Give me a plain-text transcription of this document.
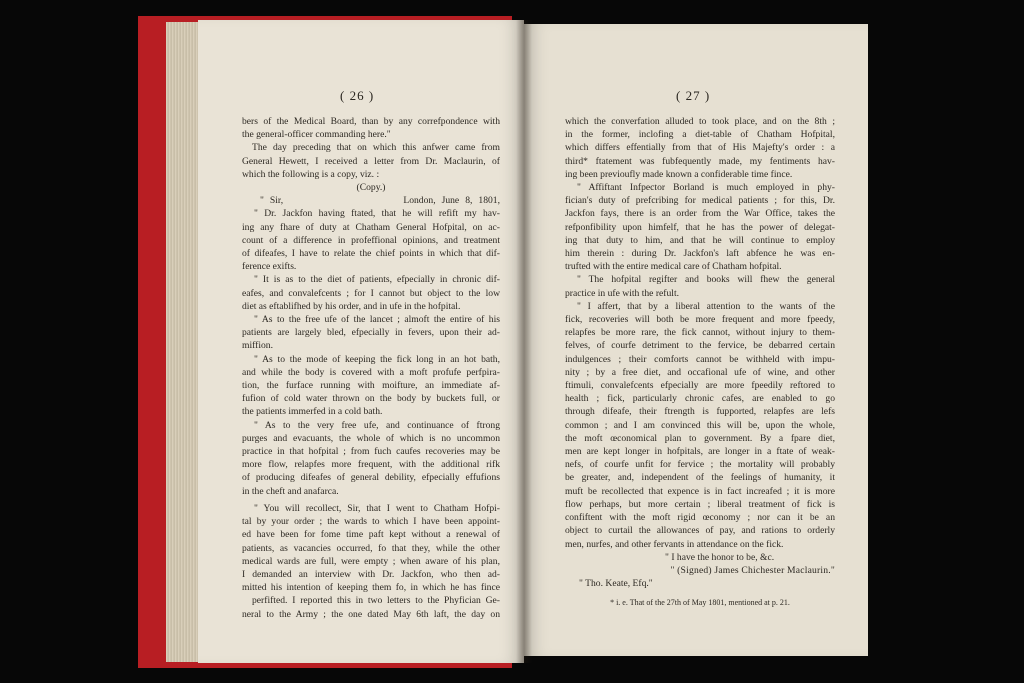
( 26 )	( 27 )
bers of the Medical Board, than by any correfpondence with
the general-officer commanding here."
The day preceding that on which this anfwer came from
General Hewett, I received a letter from Dr. Maclaurin, of
which the following is a copy, viz. :
(Copy.)
" Sir,                    London, June 8, 1801,
" Dr. Jackfon having ftated, that he will refift my hav-
ing any fhare of duty at Chatham General Hofpital, on ac-
count of a difference in profeffional opinions, and treatment
of difeafes, I have to relate the chief points in which that dif-
ference exifts.
" It is as to the diet of patients, efpecially in chronic dif-
eafes, and convalefcents ; for I cannot but object to the low
diet as eftablifhed by his order, and in ufe in the hofpital.
" As to the free ufe of the lancet ; almoft the entire of his
patients are largely bled, efpecially in fevers, upon their ad-
miffion.
" As to the mode of keeping the fick long in an hot bath,
and while the body is covered with a moft profufe perfpira-
tion, the furface running with moifture, an immediate af-
fufion of cold water thrown on the body by buckets full, or
the patients immerfed in a cold bath.
" As to the very free ufe, and continuance of ftrong
purges and evacuants, the whole of which is no uncommon
practice in that hofpital ; from fuch caufes recoveries may be
more flow, relapfes more frequent, with the additional rifk
of producing difeafes of general debility, efpecially effufions
in the cheft and anafarca.
" You will recollect, Sir, that I went to Chatham Hofpi-
tal by your order ; the wards to which I have been appoint-
ed have been for fome time paft kept without a renewal of
patients, as vacancies occurred, fo that they, while the other
medical wards are full, were empty ; when aware of his plan,
I demanded an interview with Dr. Jackfon, who then ad-
mitted his intention of keeping them fo, in which he has fince
perfifted. I reported this in two letters to the Phyfician Ge-
neral to the Army ; the one dated May 6th laft, the day on
which the converfation alluded to took place, and on the 8th ;
in the former, inclofing a diet-table of Chatham Hofpital,
which differs effentially from that of His Majefty's order : a
third* ftatement was fubfequently made, my fentiments hav-
ing been previoufly made known a confiderable time fince.
" Affiftant Infpector Borland is much employed in phy-
fician's duty of prefcribing for medical patients ; for this, Dr.
Jackfon fays, there is an order from the War Office, takes the
refponfibility upon himfelf, that he has the power of delegat-
ing that duty to him, and that he will continue to employ
him therein : during Dr. Jackfon's laft abfence he was en-
trufted with the entire medical care of Chatham hofpital.
" The hofpital regifter and books will fhew the general
practice in ufe with the refult.
" I affert, that by a liberal attention to the wants of the
fick, recoveries will both be more frequent and more fpeedy,
relapfes be more rare, the fick cannot, without injury to them-
felves, of courfe detriment to the fervice, be debarred certain
indulgences ; their comforts cannot be withheld with impu-
nity ; by a free diet, and occafional ufe of wine, and other
ftimuli, convalefcents efpecially are more fpeedily reftored to
health ; fick, particularly chronic cafes, are enabled to go
through difeafe, their ftrength is fupported, relapfes are lefs
common ; and I am convinced this will be, upon the whole,
the moft œconomical plan to government. By a fpare diet,
men are kept longer in hofpitals, are longer in a ftate of weak-
nefs, of courfe unfit for fervice ; the mortality will probably
be greater, and, independent of the feelings of humanity, it
muft be recollected that expence is in fact increafed ; it is more
flow perhaps, but more certain ; liberal treatment of fick is
confiftent with the moft rigid œconomy ; nor can it be an
object to curtail the allowances of pay, and rations to orderly
men, nurfes, and other fervants in attendance on the fick.
" I have the honor to be, &c.
" (Signed) James Chichester Maclaurin."
" Tho. Keate, Efq."
* i. e. That of the 27th of May 1801, mentioned at p. 21.
